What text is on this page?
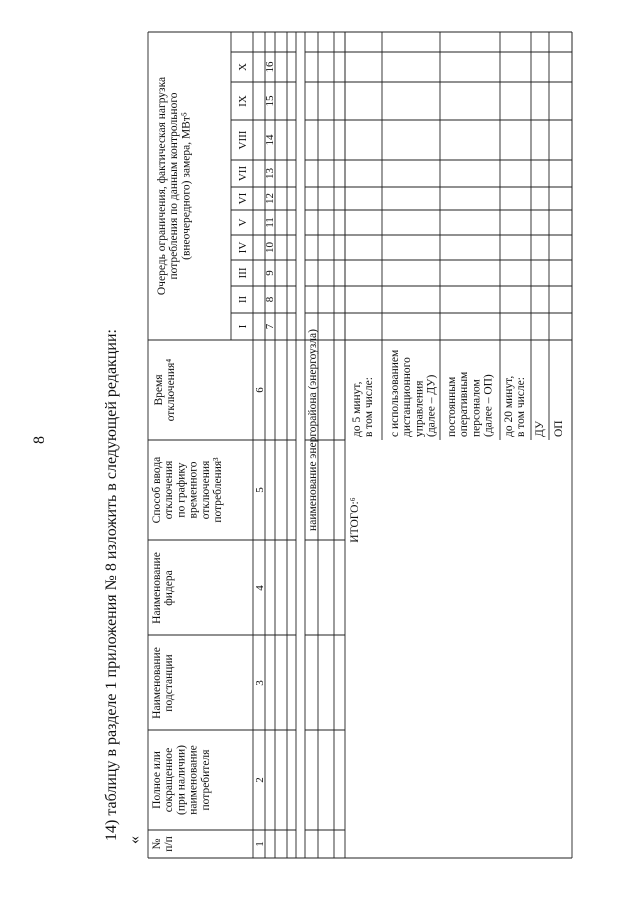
8	14) таблицу в разделе 1 приложения № 8 изложить в следующей редакции: « № п/п
Полное или сокращенное (при наличии) наименование потребителя
Наименование подстанции
Наименование фидера
Способ ввода отключения по графику временного отключения потребления³
Время отключения⁴
Очередь ограничения, фактическая нагрузка потребления по данным контрольного (внеочередного) замера, МВт⁵
I
II
III
IV
V
VI
VII
VIII
IX
X
1
2
3
4
5
6
7
8
9
10
11
12
13
14
15
16
наименование энергорайона (энергоузла)	ИТОГО:⁶
до 5 минут, в том числе: с использованием дистанционного управления (далее – ДУ) постоянным оперативным персоналом (далее – ОП) до 20 минут, в том числе: ДУ ОП
